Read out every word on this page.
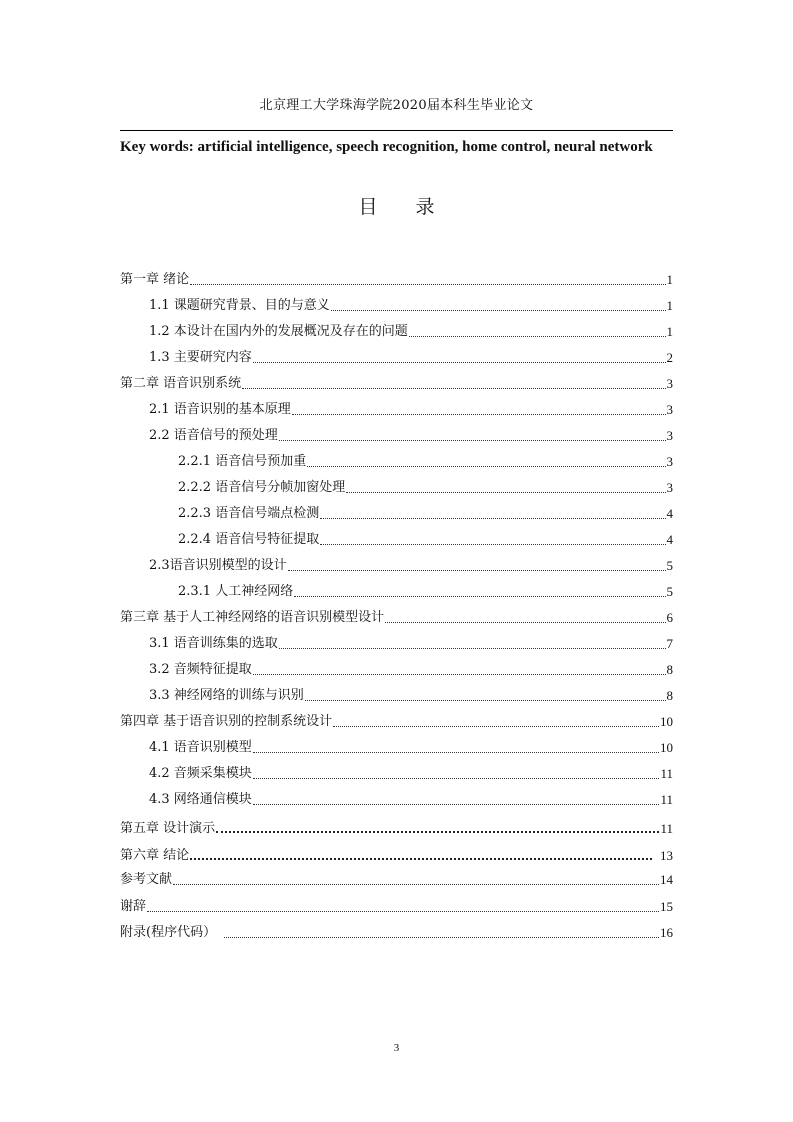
北京理工大学珠海学院2020届本科生毕业论文
Key words: artificial intelligence, speech recognition, home control, neural network
目 录
第一章 绪论	1
1.1 课题研究背景、目的与意义	1
1.2 本设计在国内外的发展概况及存在的问题	1
1.3 主要研究内容	2
第二章 语音识别系统	3
2.1 语音识别的基本原理	3
2.2 语音信号的预处理	3
2.2.1 语音信号预加重	3
2.2.2 语音信号分帧加窗处理	3
2.2.3 语音信号端点检测	4
2.2.4 语音信号特征提取	4
2.3语音识别模型的设计	5
2.3.1 人工神经网络	5
第三章 基于人工神经网络的语音识别模型设计	6
3.1 语音训练集的选取	7
3.2 音频特征提取	8
3.3 神经网络的训练与识别	8
第四章 基于语音识别的控制系统设计	10
4.1 语音识别模型	10
4.2 音频采集模块	11
4.3 网络通信模块	11
第五章 设计演示	11
第六章 结论	13
参考文献	14
谢辞	15
附录(程序代码）	16
3
